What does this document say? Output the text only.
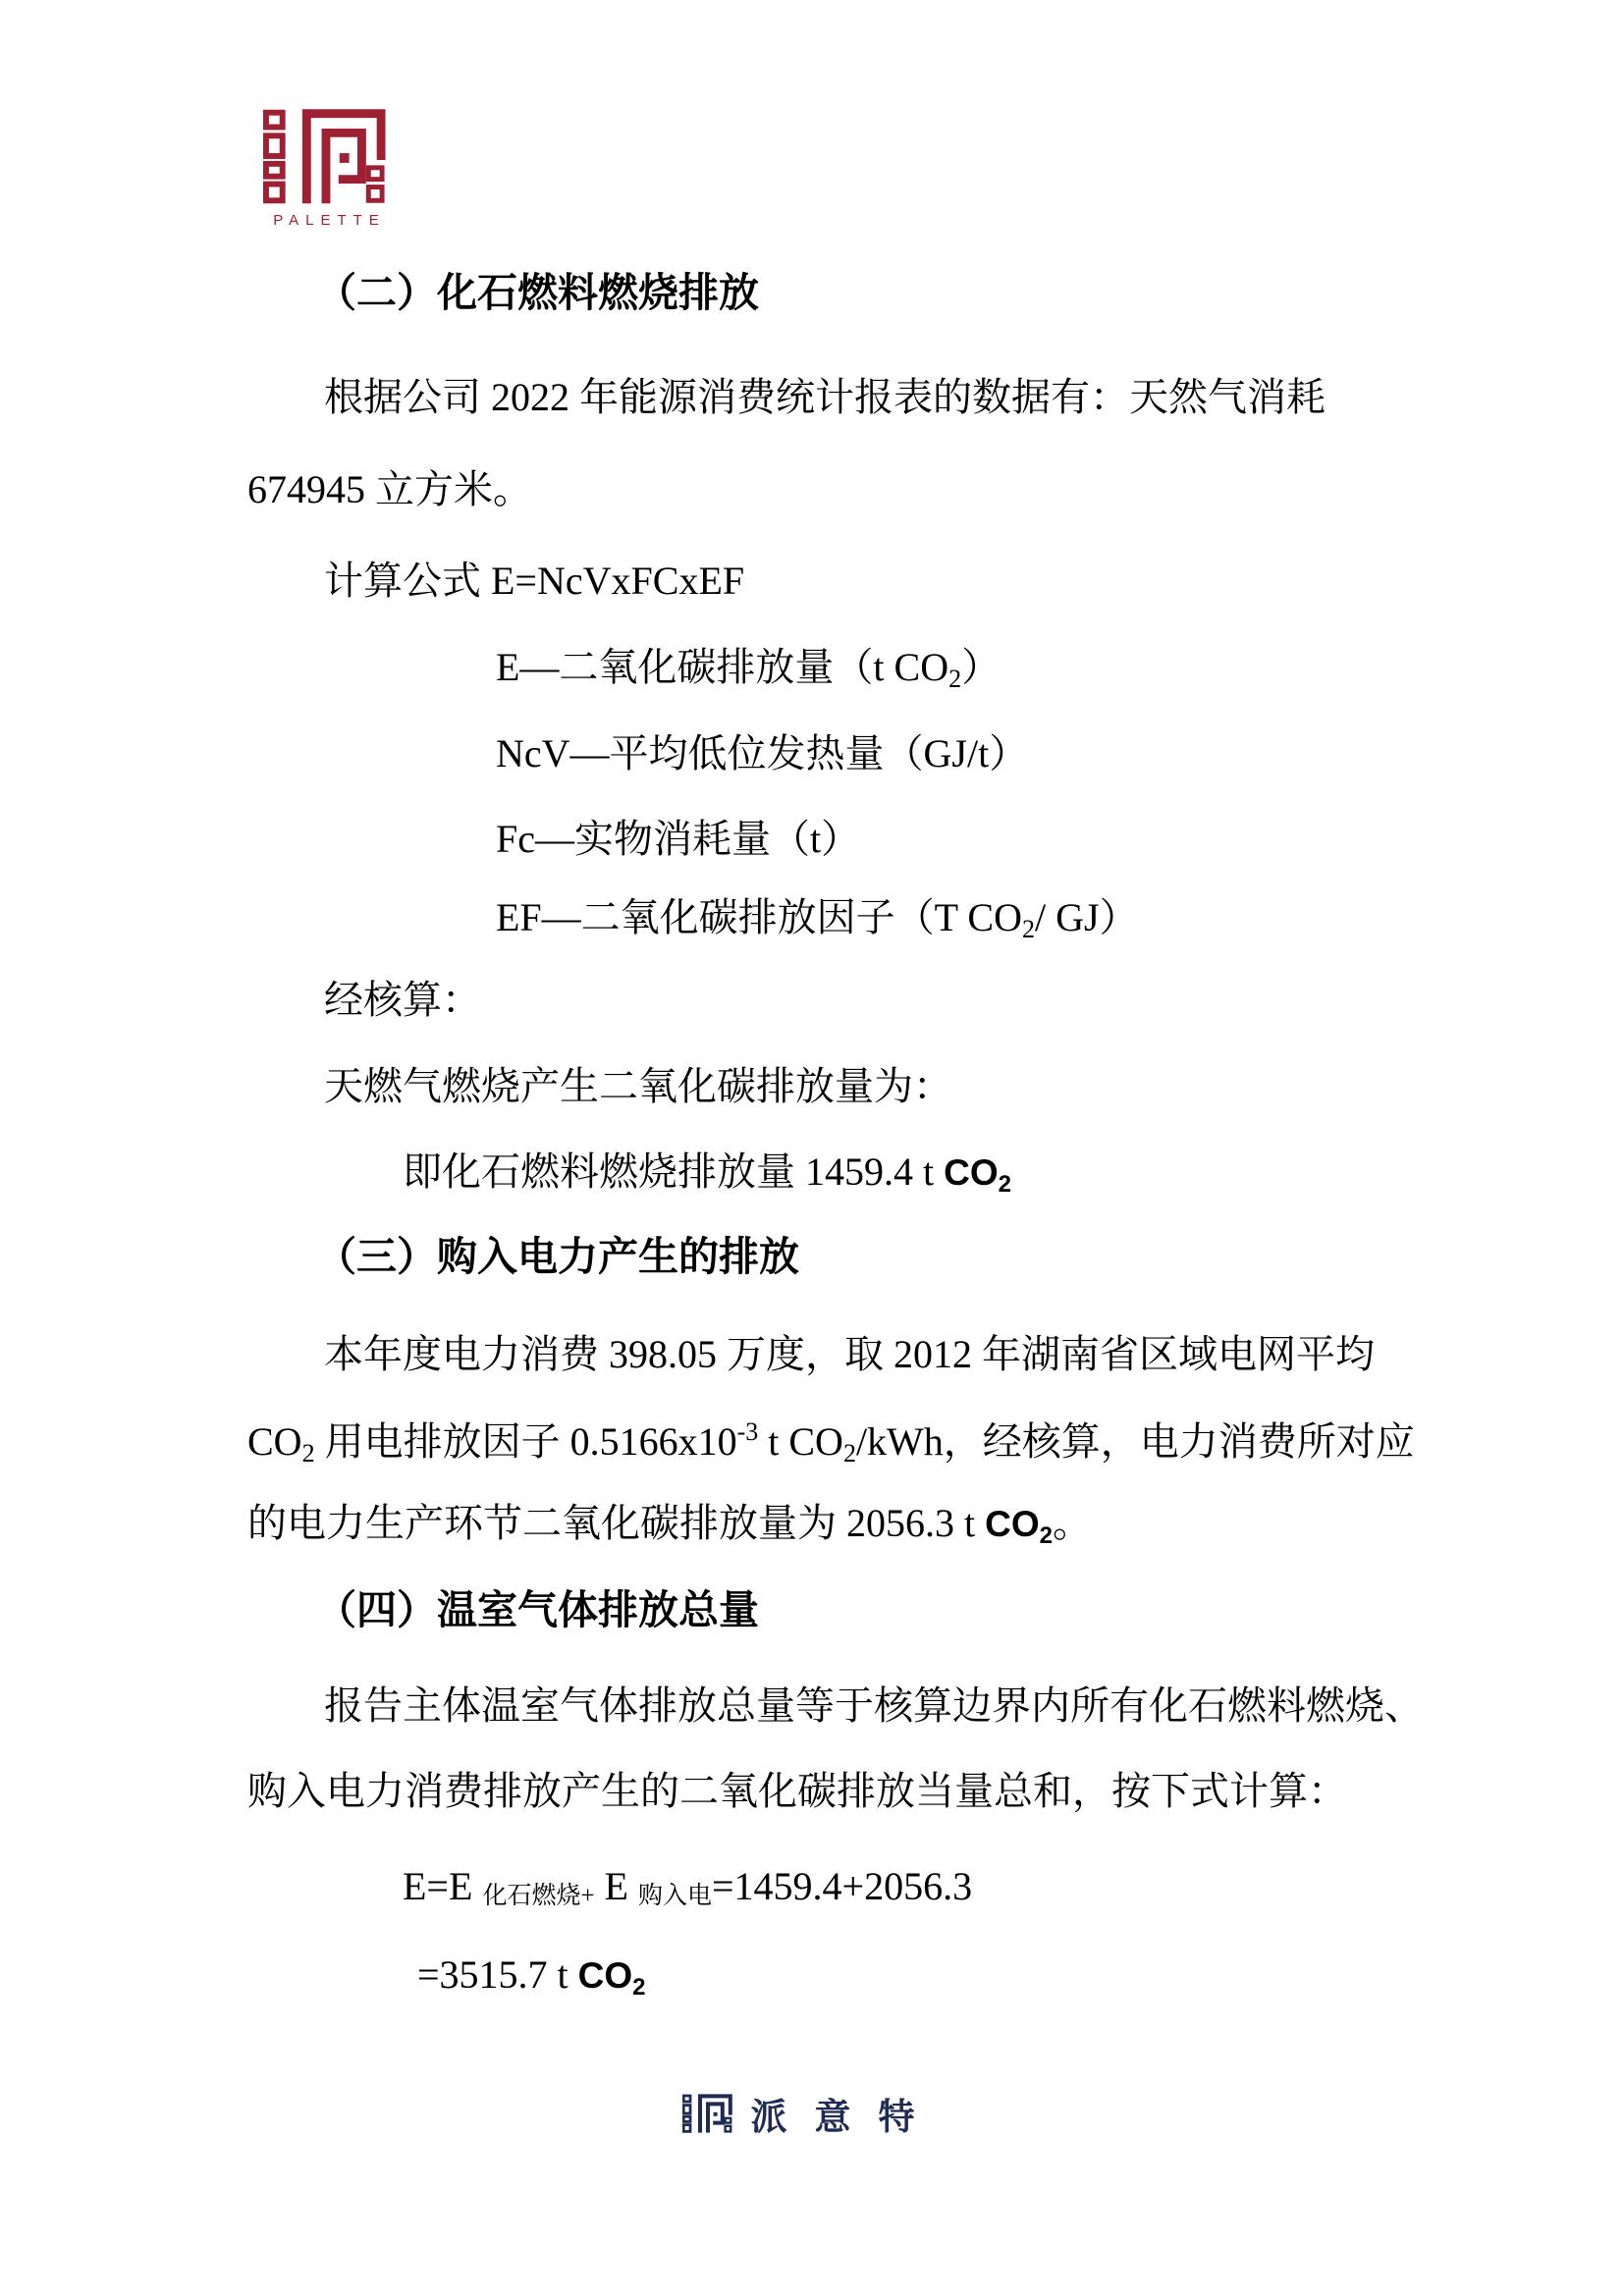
PALETTE
（二）化石燃料燃烧排放
根据公司 2022 年能源消费统计报表的数据有：天然气消耗
674945 立方米。
计算公式 E=NcVxFCxEF
E—二氧化碳排放量（t CO2）
NcV—平均低位发热量（GJ/t）
Fc—实物消耗量（t）
EF—二氧化碳排放因子（T CO2/ GJ）
经核算：
天燃气燃烧产生二氧化碳排放量为：
即化石燃料燃烧排放量 1459.4 t CO2
（三）购入电力产生的排放
本年度电力消费 398.05 万度，取 2012 年湖南省区域电网平均
CO2 用电排放因子 $0.5166x10^{-3}$ t CO2/kWh，经核算，电力消费所对应
的电力生产环节二氧化碳排放量为 2056.3 t CO2。
（四）温室气体排放总量
报告主体温室气体排放总量等于核算边界内所有化石燃料燃烧、
购入电力消费排放产生的二氧化碳排放当量总和，按下式计算：
E=E 化石燃烧+ E 购入电=1459.4+2056.3
=3515.7 t CO2
派意特
